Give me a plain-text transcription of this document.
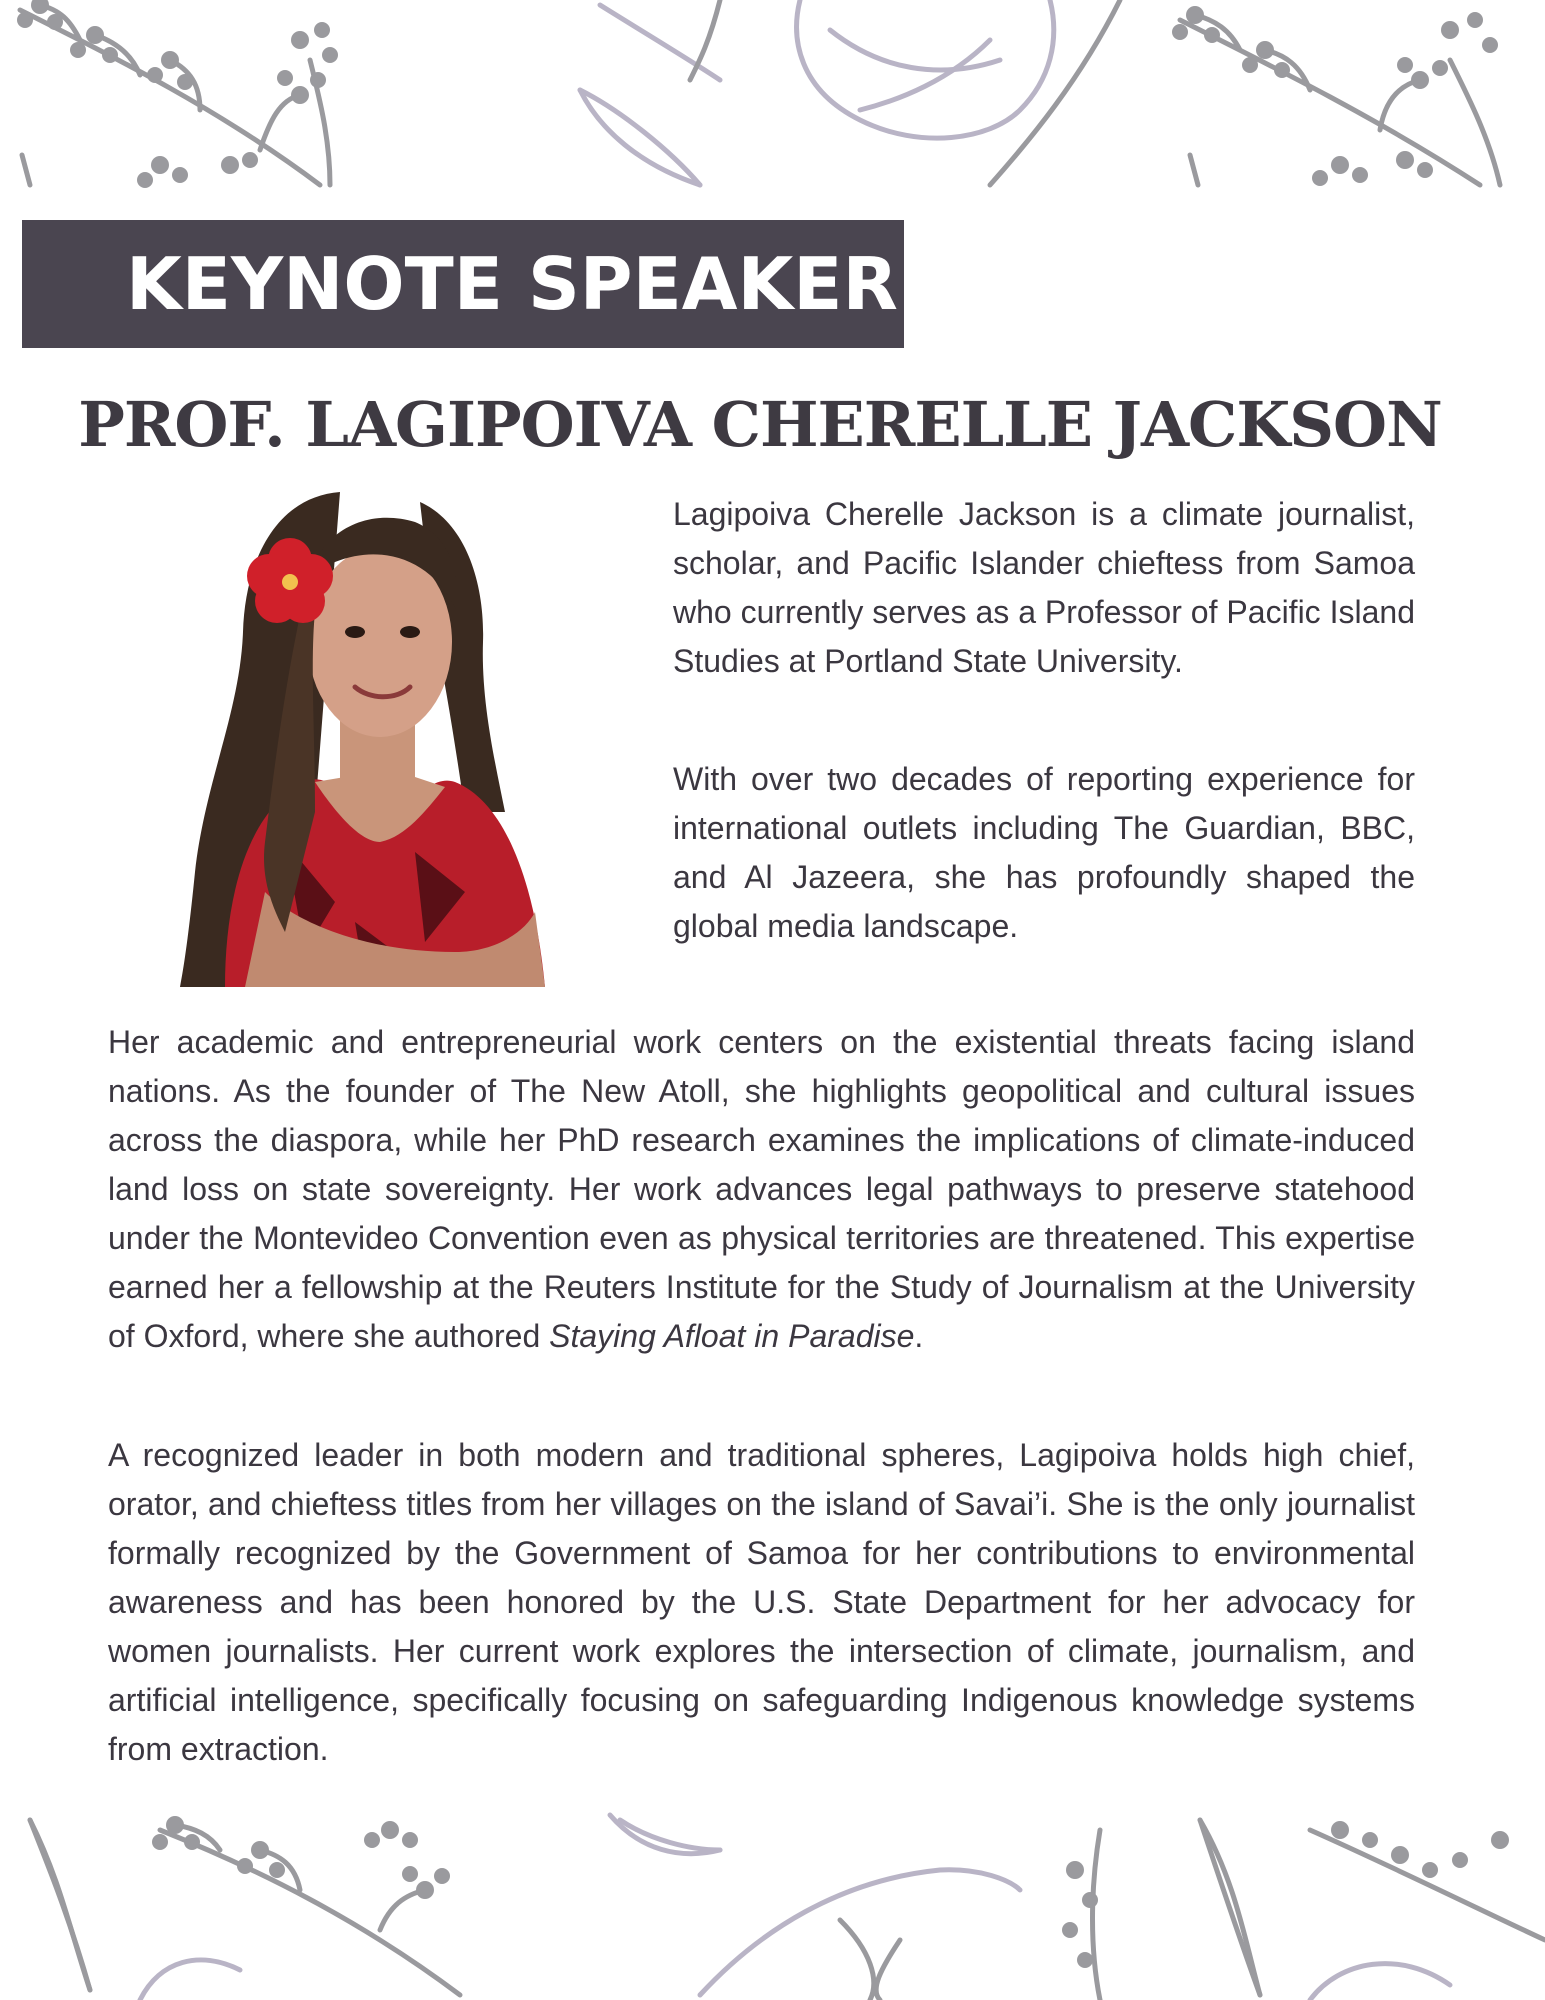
KEYNOTE SPEAKER
PROF. LAGIPOIVA CHERELLE JACKSON

Lagipoiva Cherelle Jackson is a climate journalist, scholar, and Pacific Islander chieftess from Samoa who currently serves as a Professor of Pacific Island Studies at Portland State University.

With over two decades of reporting experience for international outlets including The Guardian, BBC, and Al Jazeera, she has profoundly shaped the global media landscape.

Her academic and entrepreneurial work centers on the existential threats facing island nations. As the founder of The New Atoll, she highlights geopolitical and cultural issues across the diaspora, while her PhD research examines the implications of climate-induced land loss on state sovereignty. Her work advances legal pathways to preserve statehood under the Montevideo Convention even as physical territories are threatened. This expertise earned her a fellowship at the Reuters Institute for the Study of Journalism at the University of Oxford, where she authored Staying Afloat in Paradise.

A recognized leader in both modern and traditional spheres, Lagipoiva holds high chief, orator, and chieftess titles from her villages on the island of Savai’i. She is the only journalist formally recognized by the Government of Samoa for her contributions to environmental awareness and has been honored by the U.S. State Department for her advocacy for women journalists. Her current work explores the intersection of climate, journalism, and artificial intelligence, specifically focusing on safeguarding Indigenous knowledge systems from extraction.
